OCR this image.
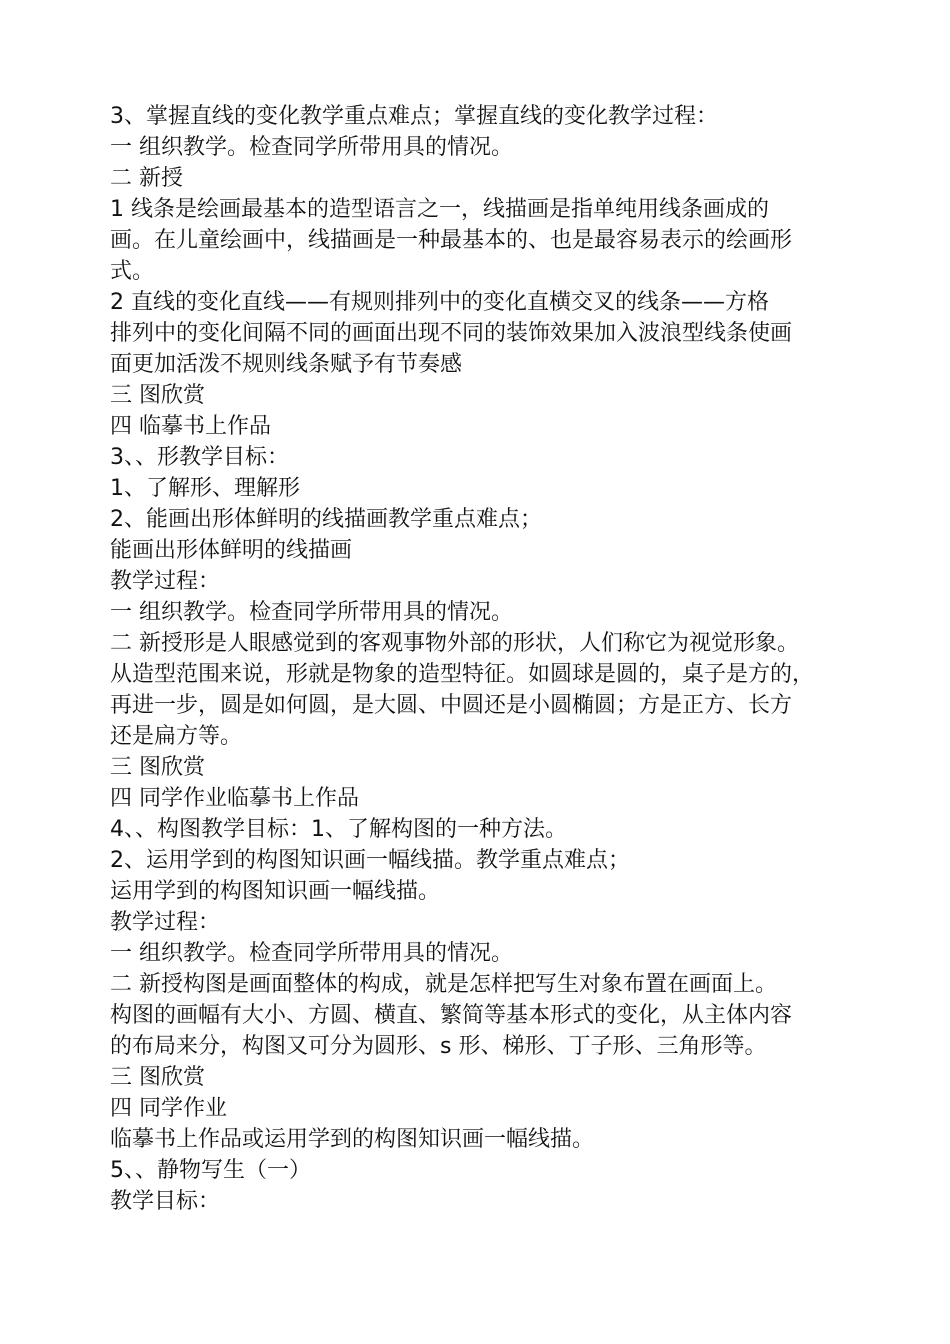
3、掌握直线的变化教学重点难点；掌握直线的变化教学过程：
一 组织教学。检查同学所带用具的情况。
二 新授
1 线条是绘画最基本的造型语言之一，线描画是指单纯用线条画成的
画。在儿童绘画中，线描画是一种最基本的、也是最容易表示的绘画形
式。
2 直线的变化直线——有规则排列中的变化直横交叉的线条——方格
排列中的变化间隔不同的画面出现不同的装饰效果加入波浪型线条使画
面更加活泼不规则线条赋予有节奏感
三 图欣赏
四 临摹书上作品
3、、形教学目标：
1、了解形、理解形
2、能画出形体鲜明的线描画教学重点难点；
能画出形体鲜明的线描画
教学过程：
一 组织教学。检查同学所带用具的情况。
二 新授形是人眼感觉到的客观事物外部的形状，人们称它为视觉形象。
从造型范围来说，形就是物象的造型特征。如圆球是圆的，桌子是方的，
再进一步，圆是如何圆，是大圆、中圆还是小圆椭圆；方是正方、长方
还是扁方等。
三 图欣赏
四 同学作业临摹书上作品
4、、构图教学目标：1、了解构图的一种方法。
2、运用学到的构图知识画一幅线描。教学重点难点；
运用学到的构图知识画一幅线描。
教学过程：
一 组织教学。检查同学所带用具的情况。
二 新授构图是画面整体的构成，就是怎样把写生对象布置在画面上。
构图的画幅有大小、方圆、横直、繁简等基本形式的变化，从主体内容
的布局来分，构图又可分为圆形、s 形、梯形、丁子形、三角形等。
三 图欣赏
四 同学作业
临摹书上作品或运用学到的构图知识画一幅线描。
5、、静物写生（一）
教学目标：
